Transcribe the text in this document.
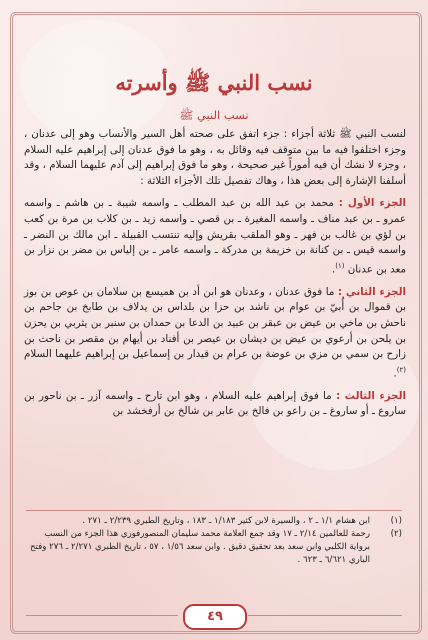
نسب النبي ﷺ وأسرته
نسب النبي ﷺ

لنسب النبي ﷺ ثلاثة أجزاء : جزء اتفق على صحته أهل السير والأنساب وهو إلى عدنان ، وجزء اختلفوا فيه ما بين متوقف فيه وقائل به ، وهو ما فوق عدنان إلى إبراهيم عليه السلام ، وجزء لا نشك أن فيه أموراً غير صحيحة ، وهو ما فوق إبراهيم إلى آدم عليهما السلام ، وقد أسلفنا الإشارة إلى بعض هذا ، وهاك تفصيل تلك الأجزاء الثلاثة :

الجزء الأول : محمد بن عبد الله بن عبد المطلب ـ واسمه شيبة ـ بن هاشم ـ واسمه عمرو ـ بن عبد مناف ـ واسمه المغيرة ـ بن قصي ـ واسمه زيد ـ بن كلاب بن مرة بن كعب بن لؤي بن غالب بن فهر ـ وهو الملقب بقريش وإليه تنتسب القبيلة ـ ابن مالك بن النضر ـ واسمه قيس ـ بن كنانة بن خزيمة بن مدركة ـ واسمه عامر ـ بن إلياس بن مضر بن نزار بن معد بن عدنان $^{(١)}$.

الجزء الثاني : ما فوق عدنان ، وعدنان هو ابن أد بن هميسع بن سلامان بن عوص بن بوز بن قموال بن أُبيّ بن عوام بن ناشد بن حزا بن بلداس بن يدلاف بن طابخ بن جاحم بن ناحش بن ماخي بن عيض بن عبقر بن عبيد بن الدعا بن حمدان بن سنبر بن يثربي بن يحزن بن يلحن بن أرعوي بن عيض بن ديشان بن عيصر بن أفناد بن أيهام بن مقصر بن ناحث بن زارح بن سمي بن مزي بن عوضة بن عرام بن قيدار بن إسماعيل بن إبراهيم عليهما السلام $^{(٢)}$.

الجزء الثالث : ما فوق إبراهيم عليه السلام ، وهو ابن تارح ـ واسمه آزر ـ بن ناحور بن ساروع ـ أو ساروغ ـ بن راعو بن فالخ بن عابر بن شالخ بن أرفخشد بن

(١)
ابن هشام ١/١ ـ ٢ ، والسيرة لابن كثير ١/١٨٣ ـ ١٨٣ ، وتاريخ الطبري ٢/٢٣٩ ـ ٢٧١ .
(٢)
رحمة للعالمين ٢/١٤ ـ ١٧ وقد جمع العلامة محمد سليمان المنصورفوري هذا الجزء من النسب برواية الكلبي وابن سعد بعد تحقيق دقيق . وابن سعد ١/٥٦ ، ٥٧ ، تاريخ الطبري ٢/٢٧١ ـ ٢٧٦ وفتح الباري ٦/٦٢١ ـ ٦٢٣ .
٤٩
